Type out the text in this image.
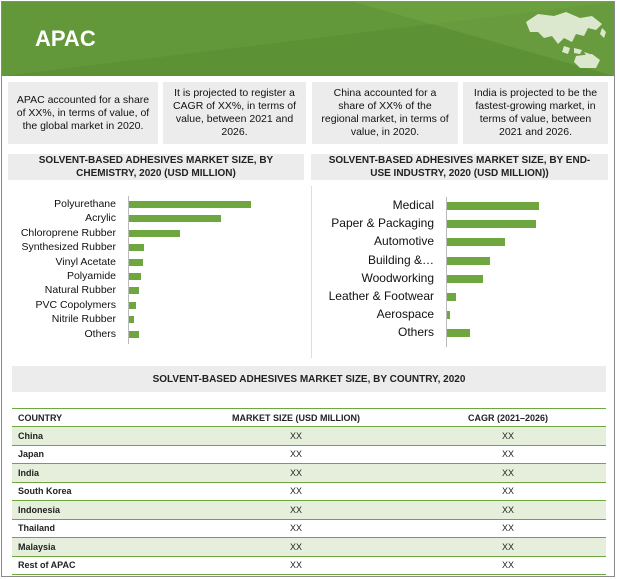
APAC
APAC accounted for a share of XX%, in terms of value, of the global market in 2020.
It is projected to register a CAGR of XX%, in terms of value, between 2021 and 2026.
China accounted for a share of XX% of the regional market, in terms of value, in 2020.
India is projected to be the fastest-growing market, in terms of value, between 2021 and 2026.
SOLVENT-BASED ADHESIVES MARKET SIZE, BY CHEMISTRY, 2020 (USD MILLION)
SOLVENT-BASED ADHESIVES MARKET SIZE, BY END-USE INDUSTRY, 2020 (USD MILLION))
SOLVENT-BASED ADHESIVES MARKET SIZE, BY COUNTRY, 2020
COUNTRY	MARKET SIZE (USD MILLION)	CAGR (2021–2026)
China	XX	XX
Japan	XX	XX
India	XX	XX
South Korea	XX	XX
Indonesia	XX	XX
Thailand	XX	XX
Malaysia	XX	XX
Rest of APAC	XX	XX
Polyurethane
Acrylic
Chloroprene Rubber
Synthesized Rubber
Vinyl Acetate
Polyamide
Natural Rubber
PVC Copolymers
Nitrile Rubber
Others
Medical
Paper & Packaging
Automotive
Building &…
Woodworking
Leather & Footwear
Aerospace
Others
